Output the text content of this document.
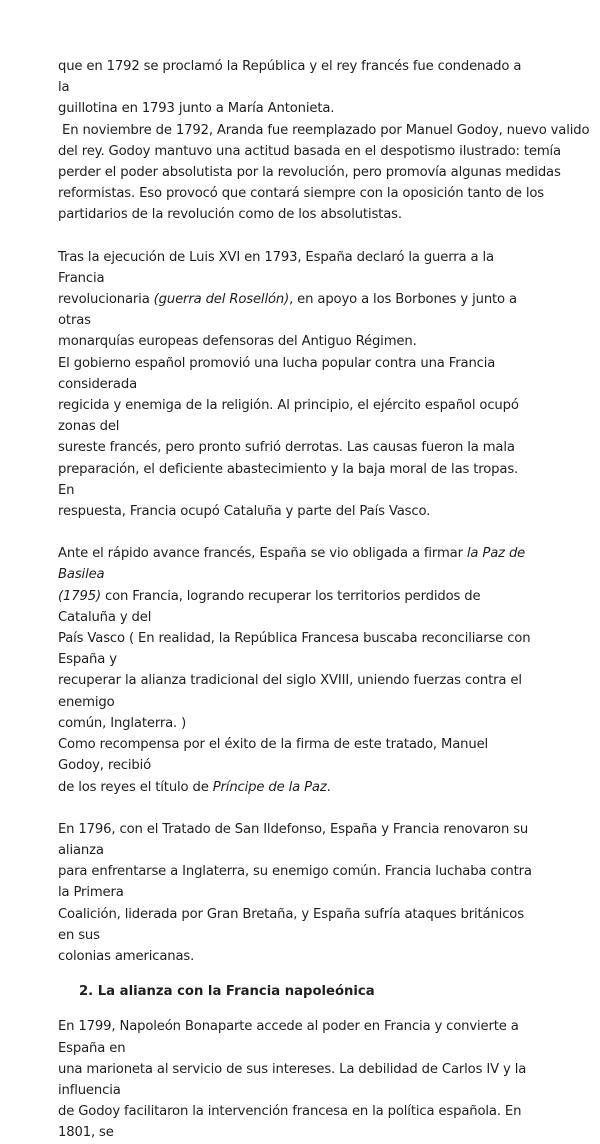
que en 1792 se proclamó la República y el rey francés fue condenado a la
guillotina en 1793 junto a María Antonieta.

En noviembre de 1792, Aranda fue reemplazado por Manuel Godoy, nuevo valido
del rey. Godoy mantuvo una actitud basada en el despotismo ilustrado: temía
perder el poder absolutista por la revolución, pero promovía algunas medidas
reformistas. Eso provocó que contará siempre con la oposición tanto de los
partidarios de la revolución como de los absolutistas.

Tras la ejecución de Luis XVI en 1793, España declaró la guerra a la Francia
revolucionaria (guerra del Rosellón), en apoyo a los Borbones y junto a otras
monarquías europeas defensoras del Antiguo Régimen.

El gobierno español promovió una lucha popular contra una Francia considerada
regicida y enemiga de la religión. Al principio, el ejército español ocupó zonas del
sureste francés, pero pronto sufrió derrotas. Las causas fueron la mala
preparación, el deficiente abastecimiento y la baja moral de las tropas. En
respuesta, Francia ocupó Cataluña y parte del País Vasco.

Ante el rápido avance francés, España se vio obligada a firmar la Paz de Basilea
(1795) con Francia, logrando recuperar los territorios perdidos de Cataluña y del
País Vasco ( En realidad, la República Francesa buscaba reconciliarse con España y
recuperar la alianza tradicional del siglo XVIII, uniendo fuerzas contra el enemigo
común, Inglaterra. )

Como recompensa por el éxito de la firma de este tratado, Manuel Godoy, recibió
de los reyes el título de Príncipe de la Paz.

En 1796, con el Tratado de San Ildefonso, España y Francia renovaron su alianza
para enfrentarse a Inglaterra, su enemigo común. Francia luchaba contra la Primera
Coalición, liderada por Gran Bretaña, y España sufría ataques británicos en sus
colonias americanas.

2. La alianza con la Francia napoleónica

En 1799, Napoleón Bonaparte accede al poder en Francia y convierte a España en
una marioneta al servicio de sus intereses. La debilidad de Carlos IV y la influencia
de Godoy facilitaron la intervención francesa en la política española. En 1801, se
